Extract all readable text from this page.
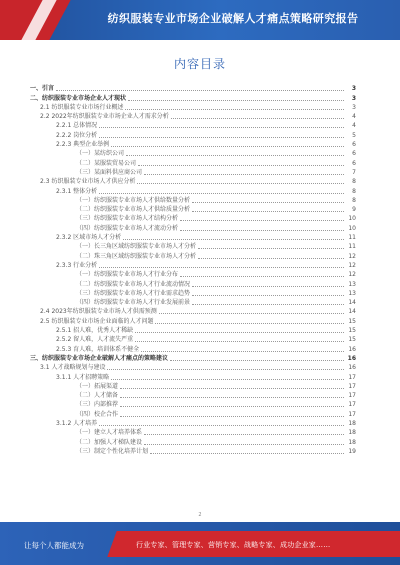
纺织服装专业市场企业破解人才痛点策略研究报告
内容目录
一、引言	3
二、纺织服装专业市场企业人才现状	3
2.1 纺织服装专业市场行业概述	3
2.2 2022年纺织服装专业市场企业人才需求分析	4
2.2.1 总体情况	4
2.2.2 岗位分析	5
2.2.3 典型企业举例	6
（一）某纺织公司	6
（二）某服装贸易公司	6
（三）某面料供应商公司	7
2.3 纺织服装专业市场人才供应分析	8
2.3.1 整体分析	8
（一）纺织服装专业市场人才供给数量分析	8
（二）纺织服装专业市场人才供给质量分析	9
（三）纺织服装专业市场人才结构分析	10
（四）纺织服装专业市场人才流动分析	10
2.3.2 区域市场人才分析	11
（一）长三角区域纺织服装专业市场人才分析	11
（二）珠三角区域纺织服装专业市场人才分析	12
2.3.3 行业分析	12
（一）纺织服装专业市场人才行业分布	12
（二）纺织服装专业市场人才行业流动情况	13
（三）纺织服装专业市场人才行业需求趋势	13
（四）纺织服装专业市场人才行业发展前景	14
2.4 2023年纺织服装专业市场人才供需预测	14
2.5 纺织服装专业市场企业面临的人才问题	15
2.5.1 招人难，优秀人才稀缺	15
2.5.2 留人难，人才流失严重	15
2.5.3 育人难，培训体系不健全	16
三、纺织服装专业市场企业破解人才痛点的策略建议	16
3.1 人才战略规划与建设	16
3.1.1 人才招聘策略	17
（一）拓展渠道	17
（二）人才储备	17
（三）内部推荐	17
（四）校企合作	17
3.1.2 人才培养	18
（一）建立人才培养体系	18
（二）加强人才梯队建设	18
（三）制定个性化培养计划	19
2
让每个人都能成为	行业专家、管理专家、营销专家、战略专家、成功企业家……
